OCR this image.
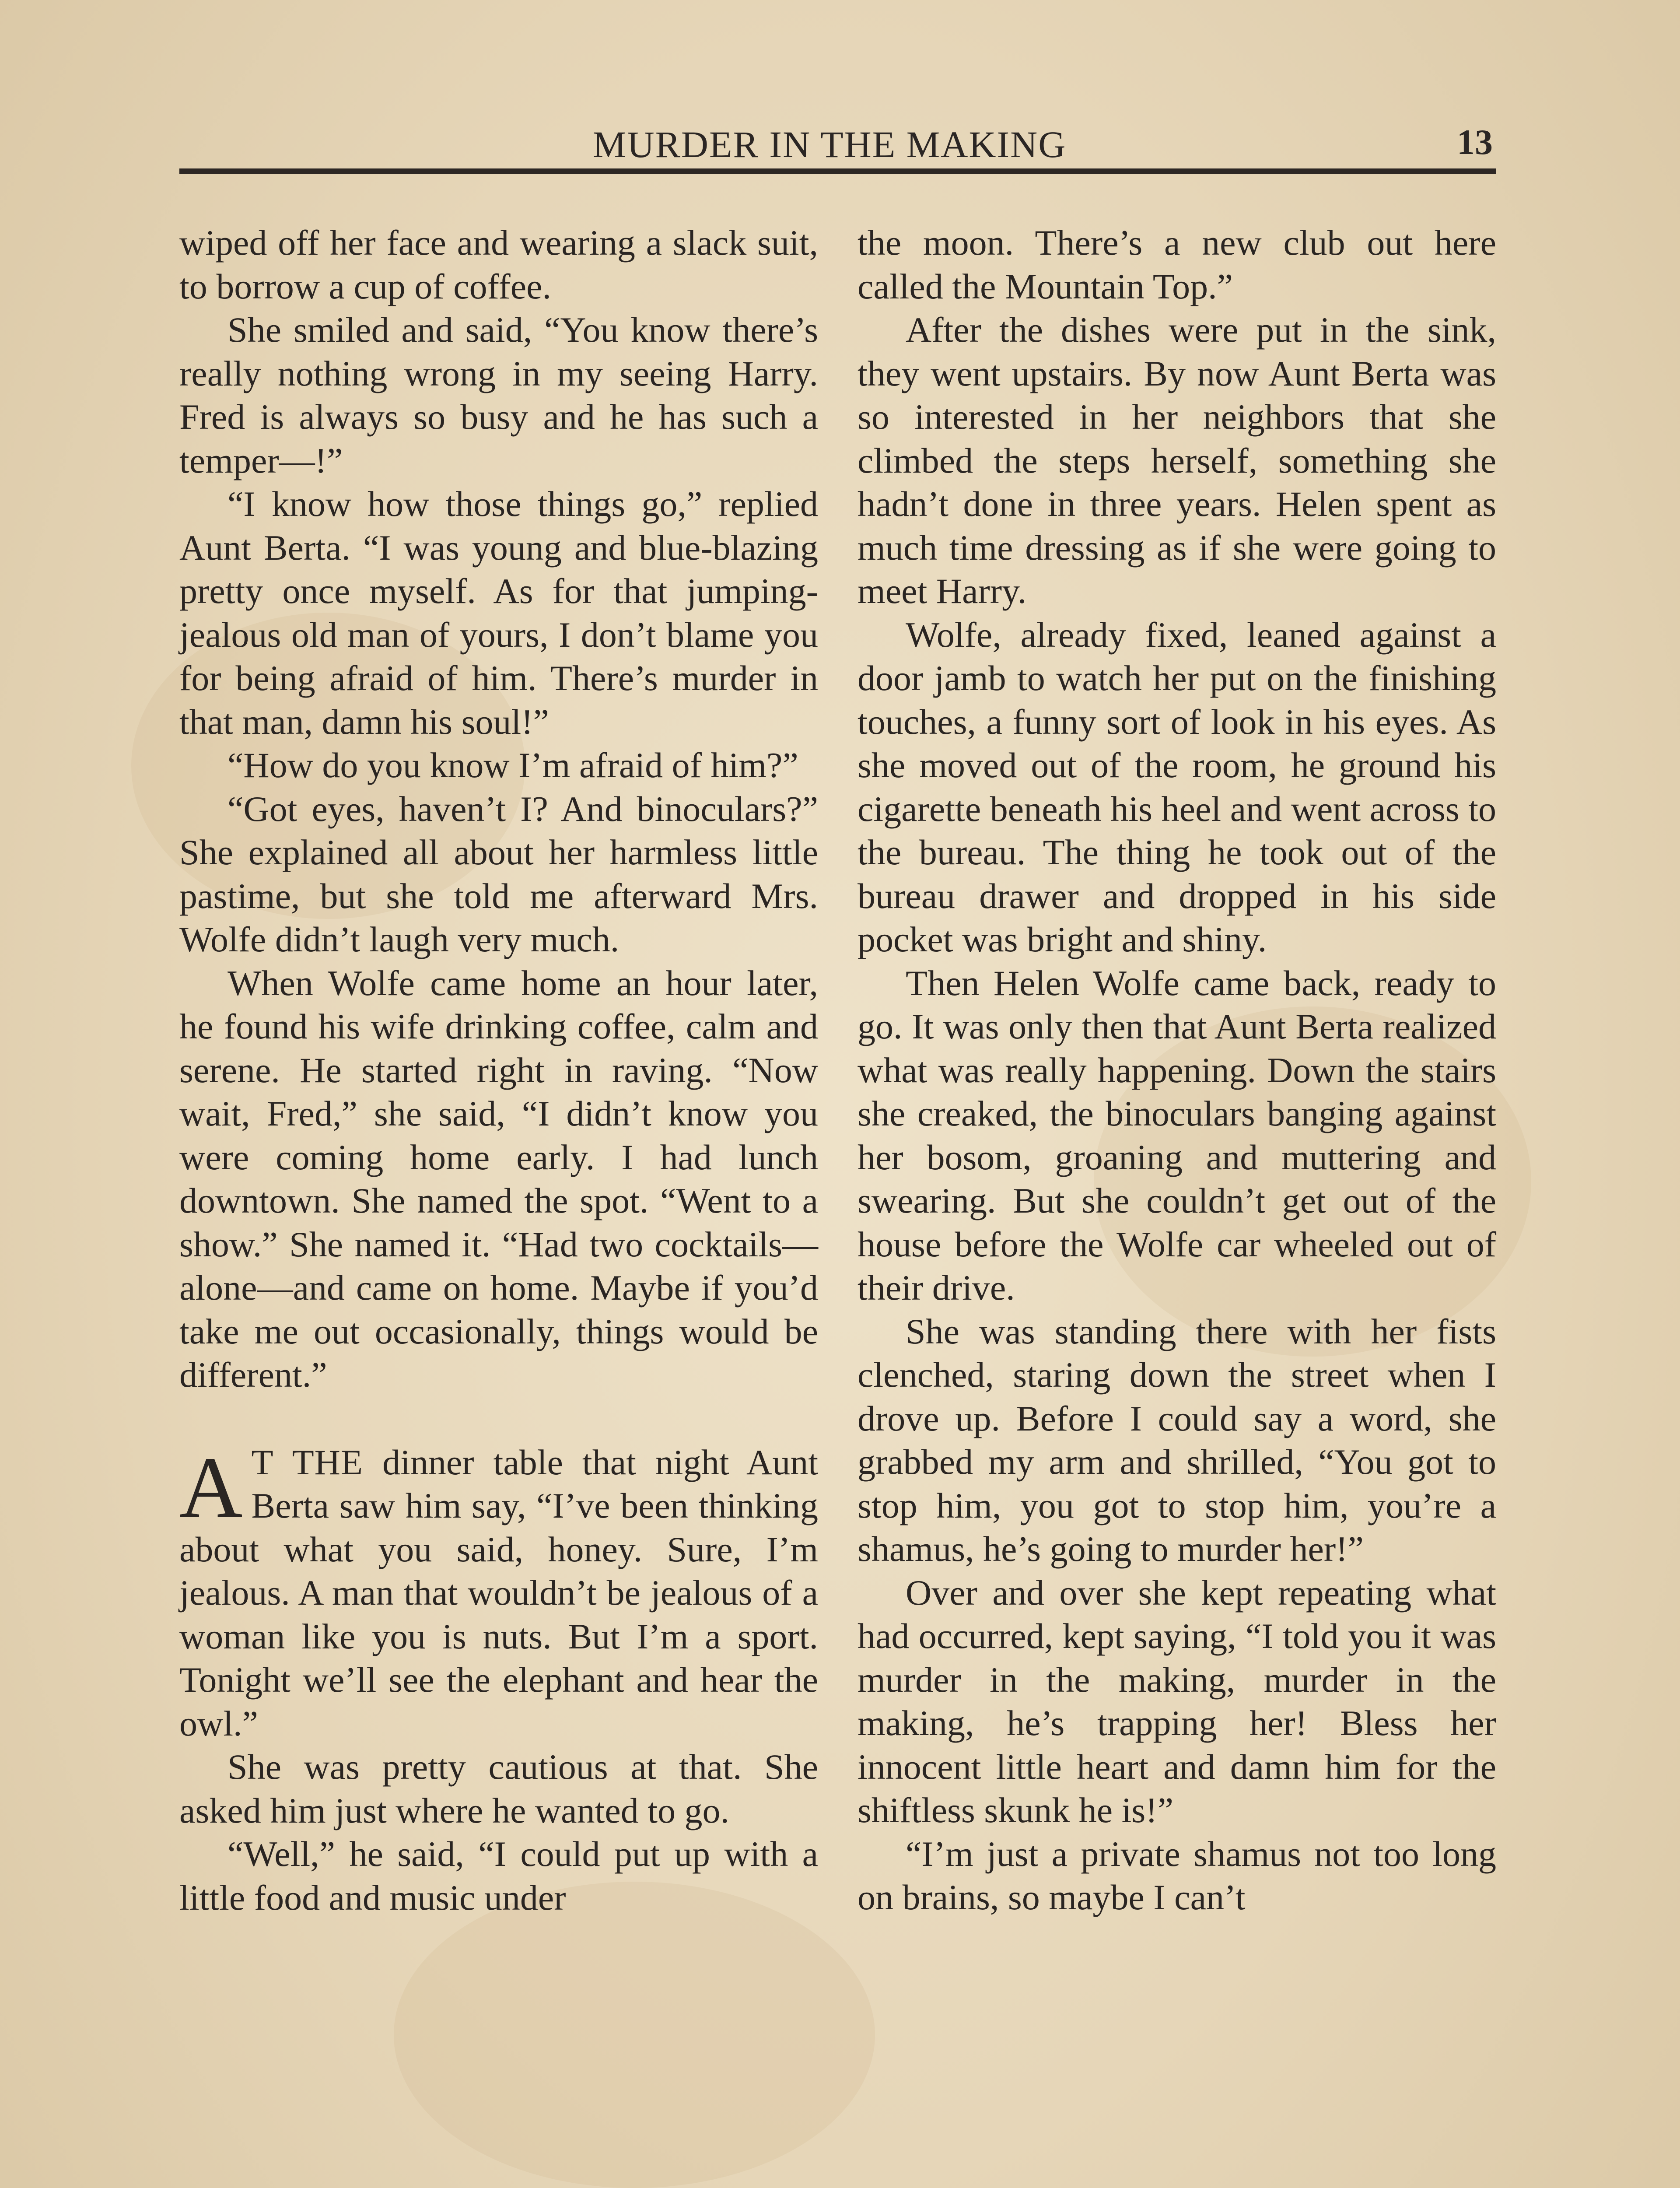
MURDER IN THE MAKING	13

wiped off her face and wearing a slack suit, to borrow a cup of coffee.

She smiled and said, “You know there’s really nothing wrong in my seeing Harry. Fred is always so busy and he has such a temper—!”

“I know how those things go,” replied Aunt Berta. “I was young and blue-blazing pretty once myself. As for that jumping-jealous old man of yours, I don’t blame you for being afraid of him. There’s murder in that man, damn his soul!”

“How do you know I’m afraid of him?”

“Got eyes, haven’t I? And binoculars?” She explained all about her harmless little pastime, but she told me afterward Mrs. Wolfe didn’t laugh very much.

When Wolfe came home an hour later, he found his wife drinking coffee, calm and serene. He started right in raving. “Now wait, Fred,” she said, “I didn’t know you were coming home early. I had lunch downtown. She named the spot. “Went to a show.” She named it. “Had two cocktails—alone—and came on home. Maybe if you’d take me out occasionally, things would be different.”

A T THE dinner table that night Aunt Berta saw him say, “I’ve been thinking about what you said, honey. Sure, I’m jealous. A man that wouldn’t be jealous of a woman like you is nuts. But I’m a sport. Tonight we’ll see the elephant and hear the owl.”

She was pretty cautious at that. She asked him just where he wanted to go.

“Well,” he said, “I could put up with a little food and music under

the moon. There’s a new club out here called the Mountain Top.”

After the dishes were put in the sink, they went upstairs. By now Aunt Berta was so interested in her neighbors that she climbed the steps herself, something she hadn’t done in three years. Helen spent as much time dressing as if she were going to meet Harry.

Wolfe, already fixed, leaned against a door jamb to watch her put on the finishing touches, a funny sort of look in his eyes. As she moved out of the room, he ground his cigarette beneath his heel and went across to the bureau. The thing he took out of the bureau drawer and dropped in his side pocket was bright and shiny.

Then Helen Wolfe came back, ready to go. It was only then that Aunt Berta realized what was really happening. Down the stairs she creaked, the binoculars banging against her bosom, groaning and muttering and swearing. But she couldn’t get out of the house before the Wolfe car wheeled out of their drive.

She was standing there with her fists clenched, staring down the street when I drove up. Before I could say a word, she grabbed my arm and shrilled, “You got to stop him, you got to stop him, you’re a shamus, he’s going to murder her!”

Over and over she kept repeating what had occurred, kept saying, “I told you it was murder in the making, murder in the making, he’s trapping her! Bless her innocent little heart and damn him for the shiftless skunk he is!”

“I’m just a private shamus not too long on brains, so maybe I can’t
